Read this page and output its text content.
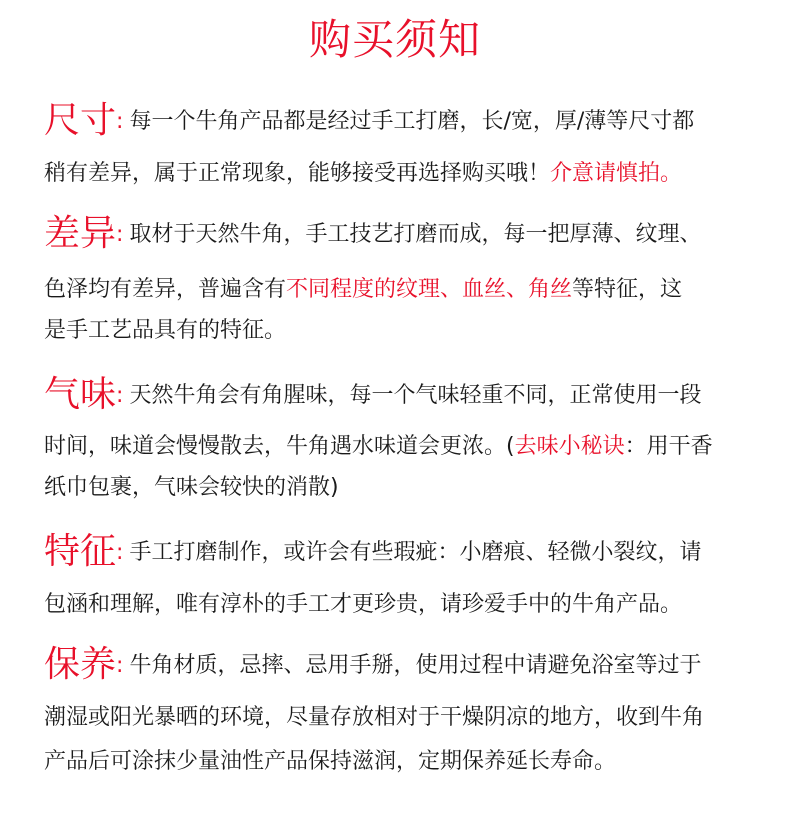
购买须知
尺寸: 每一个牛角产品都是经过手工打磨，长/宽，厚/薄等尺寸都
稍有差异，属于正常现象，能够接受再选择购买哦！介意请慎拍。
差异: 取材于天然牛角，手工技艺打磨而成，每一把厚薄、纹理、
色泽均有差异，普遍含有不同程度的纹理、血丝、角丝等特征，这
是手工艺品具有的特征。
气味: 天然牛角会有角腥味，每一个气味轻重不同，正常使用一段
时间，味道会慢慢散去，牛角遇水味道会更浓。(去味小秘诀：用干香
纸巾包裹，气味会较快的消散)
特征: 手工打磨制作，或许会有些瑕疵：小磨痕、轻微小裂纹，请
包涵和理解，唯有淳朴的手工才更珍贵，请珍爱手中的牛角产品。
保养: 牛角材质，忌摔、忌用手掰，使用过程中请避免浴室等过于
潮湿或阳光暴晒的环境，尽量存放相对于干燥阴凉的地方，收到牛角
产品后可涂抹少量油性产品保持滋润，定期保养延长寿命。
